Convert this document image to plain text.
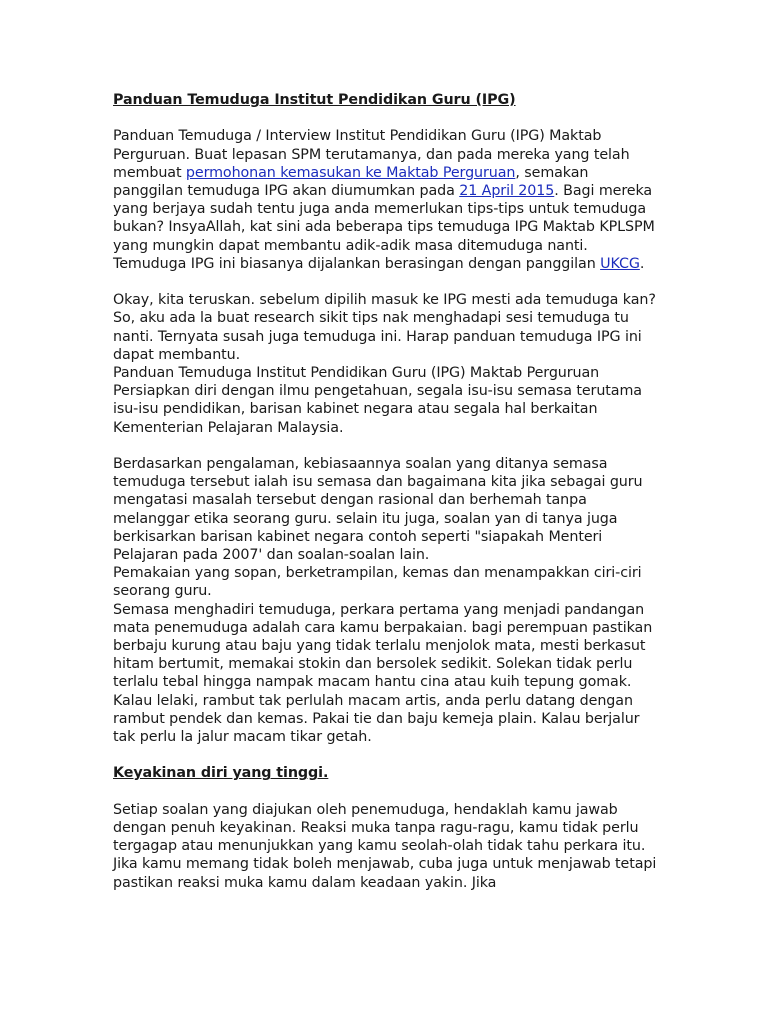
Panduan Temuduga Institut Pendidikan Guru (IPG)

Panduan Temuduga / Interview Institut Pendidikan Guru (IPG) Maktab Perguruan. Buat lepasan SPM terutamanya, dan pada mereka yang telah membuat permohonan kemasukan ke Maktab Perguruan, semakan panggilan temuduga IPG akan diumumkan pada 21 April 2015. Bagi mereka yang berjaya sudah tentu juga anda memerlukan tips-tips untuk temuduga bukan? InsyaAllah, kat sini ada beberapa tips temuduga IPG Maktab KPLSPM yang mungkin dapat membantu adik-adik masa ditemuduga nanti. Temuduga IPG ini biasanya dijalankan berasingan dengan panggilan UKCG.

Okay, kita teruskan. sebelum dipilih masuk ke IPG mesti ada temuduga kan? So, aku ada la buat research sikit tips nak menghadapi sesi temuduga tu nanti. Ternyata susah juga temuduga ini. Harap panduan temuduga IPG ini dapat membantu.

Panduan Temuduga Institut Pendidikan Guru (IPG) Maktab Perguruan

Persiapkan diri dengan ilmu pengetahuan, segala isu-isu semasa terutama isu-isu pendidikan, barisan kabinet negara atau segala hal berkaitan Kementerian Pelajaran Malaysia.

Berdasarkan pengalaman, kebiasaannya soalan yang ditanya semasa temuduga tersebut ialah isu semasa dan bagaimana kita jika sebagai guru mengatasi masalah tersebut dengan rasional dan berhemah tanpa melanggar etika seorang guru. selain itu juga, soalan yan di tanya juga berkisarkan barisan kabinet negara contoh seperti "siapakah Menteri Pelajaran pada 2007' dan soalan-soalan lain.

Pemakaian yang sopan, berketrampilan, kemas dan menampakkan ciri-ciri seorang guru.

Semasa menghadiri temuduga, perkara pertama yang menjadi pandangan mata penemuduga adalah cara kamu berpakaian. bagi perempuan pastikan berbaju kurung atau baju yang tidak terlalu menjolok mata, mesti berkasut hitam bertumit, memakai stokin dan bersolek sedikit. Solekan tidak perlu terlalu tebal hingga nampak macam hantu cina atau kuih tepung gomak. Kalau lelaki, rambut tak perlulah macam artis, anda perlu datang dengan rambut pendek dan kemas. Pakai tie dan baju kemeja plain. Kalau berjalur tak perlu la jalur macam tikar getah.

Keyakinan diri yang tinggi.

Setiap soalan yang diajukan oleh penemuduga, hendaklah kamu jawab dengan penuh keyakinan. Reaksi muka tanpa ragu-ragu, kamu tidak perlu tergagap atau menunjukkan yang kamu seolah-olah tidak tahu perkara itu. Jika kamu memang tidak boleh menjawab, cuba juga untuk menjawab tetapi pastikan reaksi muka kamu dalam keadaan yakin. Jika
